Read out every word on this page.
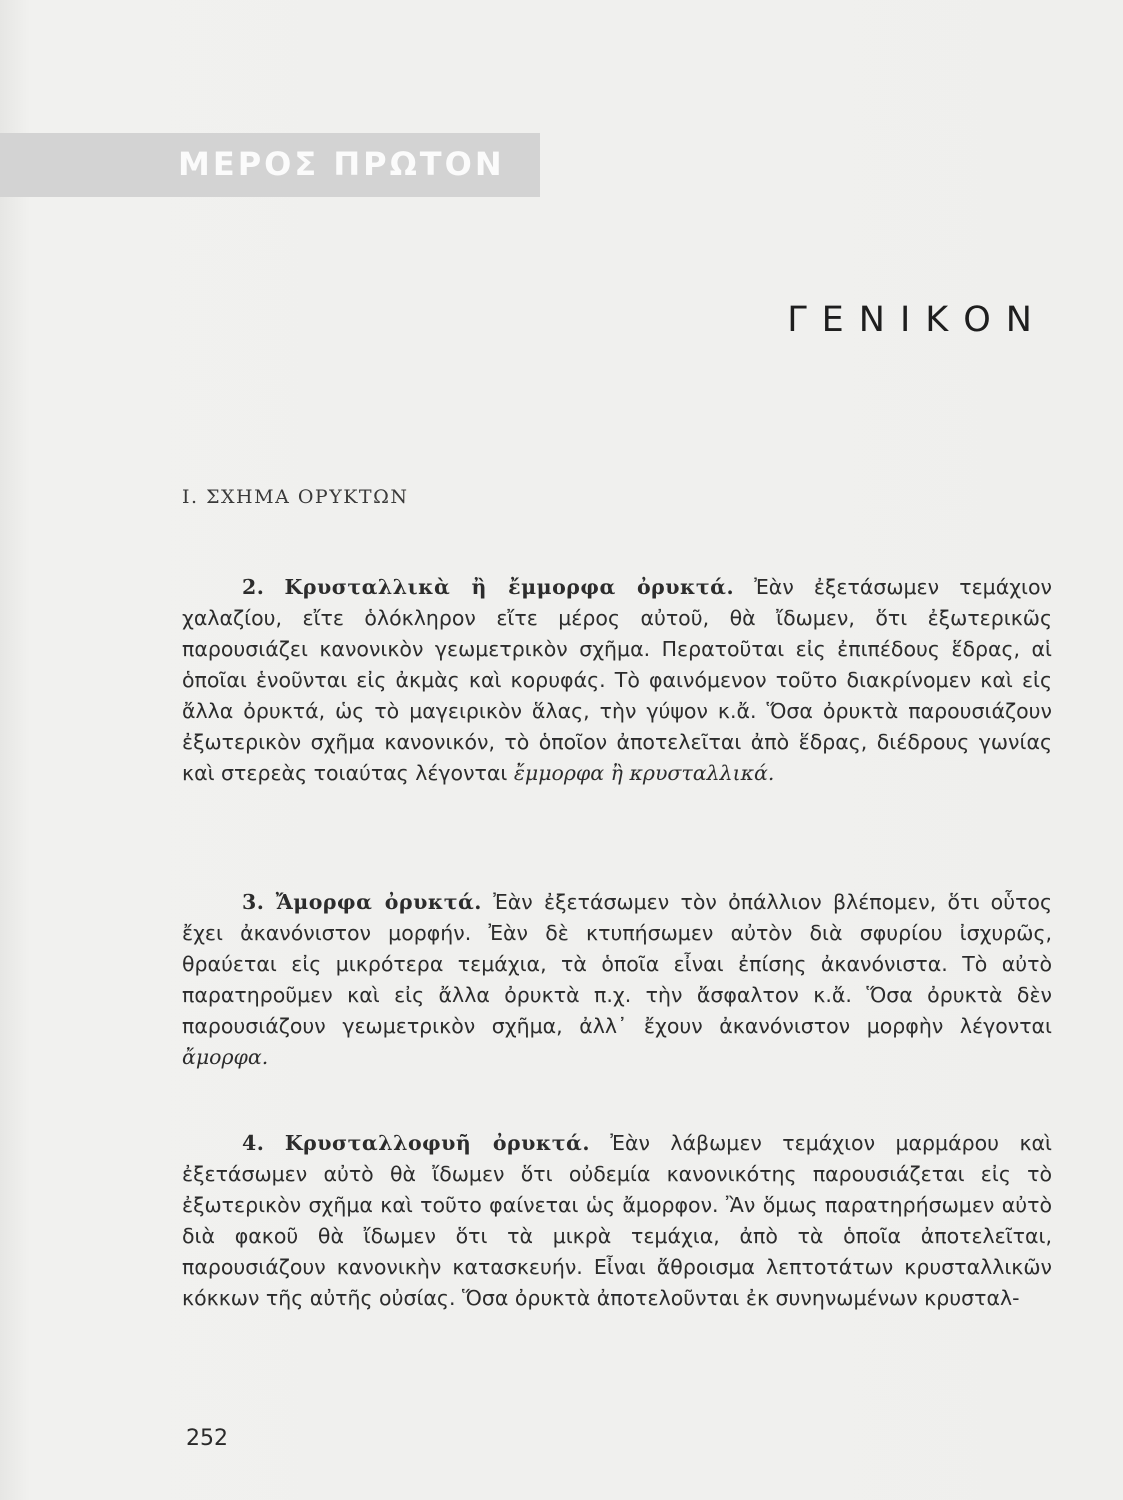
ΜΕΡΟΣ ΠΡΩΤΟΝ
ΓΕΝΙΚΟΝ
Ι. ΣΧΗΜΑ ΟΡΥΚΤΩΝ

2. Κρυσταλλικὰ ἢ ἔμμορφα ὀρυκτά. Ἐὰν ἐξετάσωμεν τεμάχιον χαλαζίου, εἴτε ὁλόκληρον εἴτε μέρος αὐτοῦ, θὰ ἴδωμεν, ὅτι ἐξωτερικῶς παρουσιάζει κανονικὸν γεωμετρικὸν σχῆμα. Περατοῦται εἰς ἐπιπέδους ἕδρας, αἱ ὁποῖαι ἑνοῦνται εἰς ἀκμὰς καὶ κορυφάς. Τὸ φαινόμενον τοῦτο διακρίνομεν καὶ εἰς ἄλλα ὀρυκτά, ὡς τὸ μαγειρικὸν ἅλας, τὴν γύψον κ.ἄ. Ὅσα ὀρυκτὰ παρουσιάζουν ἐξωτερικὸν σχῆμα κανονικόν, τὸ ὁποῖον ἀποτελεῖται ἀπὸ ἕδρας, διέδρους γωνίας καὶ στερεὰς τοιαύτας λέγονται ἔμμορφα ἢ κρυσταλλικά.

3. Ἄμορφα ὀρυκτά. Ἐὰν ἐξετάσωμεν τὸν ὀπάλλιον βλέπομεν, ὅτι οὗτος ἔχει ἀκανόνιστον μορφήν. Ἐὰν δὲ κτυπήσωμεν αὐτὸν διὰ σφυρίου ἰσχυρῶς, θραύεται εἰς μικρότερα τεμάχια, τὰ ὁποῖα εἶναι ἐπίσης ἀκανόνιστα. Τὸ αὐτὸ παρατηροῦμεν καὶ εἰς ἄλλα ὀρυκτὰ π.χ. τὴν ἄσφαλτον κ.ἄ. Ὅσα ὀρυκτὰ δὲν παρουσιάζουν γεωμετρικὸν σχῆμα, ἀλλ᾽ ἔχουν ἀκανόνιστον μορφὴν λέγονται ἄμορφα.

4. Κρυσταλλοφυῆ ὀρυκτά. Ἐὰν λάβωμεν τεμάχιον μαρμάρου καὶ ἐξετάσωμεν αὐτὸ θὰ ἴδωμεν ὅτι οὐδεμία κανονικότης παρουσιάζεται εἰς τὸ ἐξωτερικὸν σχῆμα καὶ τοῦτο φαίνεται ὡς ἄμορφον. Ἂν ὅμως παρατηρήσωμεν αὐτὸ διὰ φακοῦ θὰ ἴδωμεν ὅτι τὰ μικρὰ τεμάχια, ἀπὸ τὰ ὁποῖα ἀποτελεῖται, παρουσιάζουν κανονικὴν κατασκευήν. Εἶναι ἄθροισμα λεπτοτάτων κρυσταλλικῶν κόκκων τῆς αὐτῆς οὐσίας. Ὅσα ὀρυκτὰ ἀποτελοῦνται ἐκ συνηνωμένων κρυσταλ-

252
